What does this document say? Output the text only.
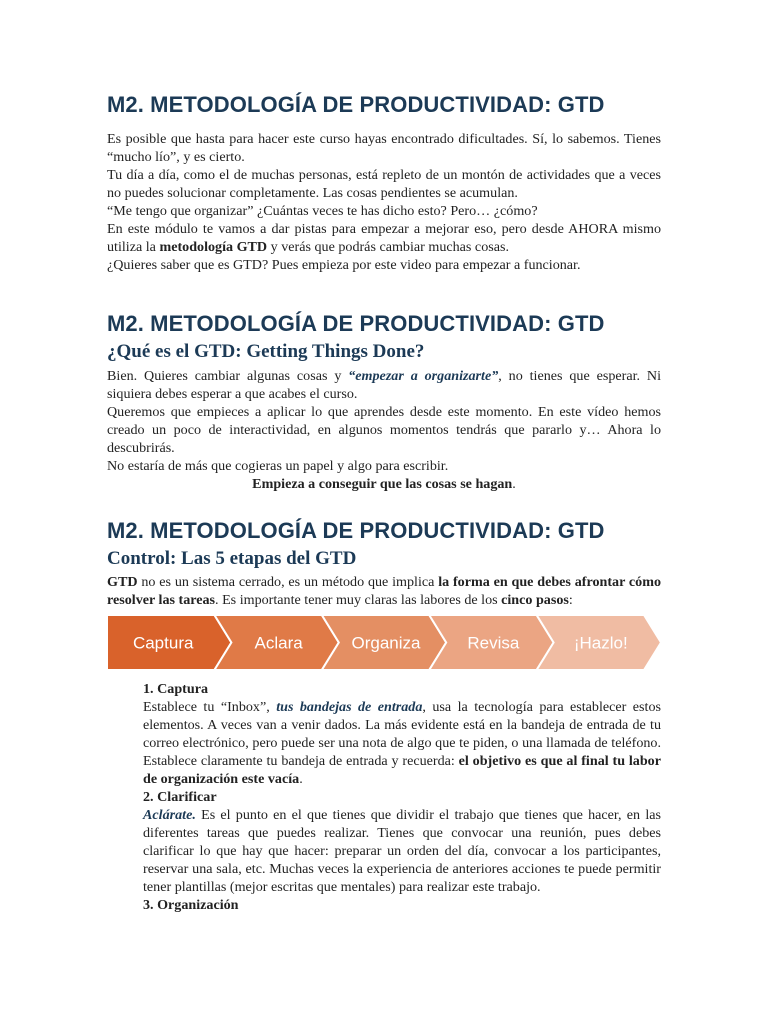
M2. METODOLOGÍA DE PRODUCTIVIDAD: GTD

Es posible que hasta para hacer este curso hayas encontrado dificultades. Sí, lo sabemos. Tienes “mucho lío”, y es cierto.

Tu día a día, como el de muchas personas, está repleto de un montón de actividades que a veces no puedes solucionar completamente. Las cosas pendientes se acumulan.

“Me tengo que organizar” ¿Cuántas veces te has dicho esto? Pero… ¿cómo?

En este módulo te vamos a dar pistas para empezar a mejorar eso, pero desde AHORA mismo utiliza la metodología GTD y verás que podrás cambiar muchas cosas.

¿Quieres saber que es GTD? Pues empieza por este video para empezar a funcionar.

M2. METODOLOGÍA DE PRODUCTIVIDAD: GTD
¿Qué es el GTD: Getting Things Done?

Bien. Quieres cambiar algunas cosas y “empezar a organizarte”, no tienes que esperar. Ni siquiera debes esperar a que acabes el curso.

Queremos que empieces a aplicar lo que aprendes desde este momento. En este vídeo hemos creado un poco de interactividad, en algunos momentos tendrás que pararlo y… Ahora lo descubrirás.

No estaría de más que cogieras un papel y algo para escribir.

Empieza a conseguir que las cosas se hagan.

M2. METODOLOGÍA DE PRODUCTIVIDAD: GTD
Control: Las 5 etapas del GTD

GTD no es un sistema cerrado, es un método que implica la forma en que debes afrontar cómo resolver las tareas. Es importante tener muy claras las labores de los cinco pasos:

Captura	Aclara	Organiza	Revisa	¡Hazlo!

1. Captura

Establece tu “Inbox”, tus bandejas de entrada, usa la tecnología para establecer estos elementos. A veces van a venir dados. La más evidente está en la bandeja de entrada de tu correo electrónico, pero puede ser una nota de algo que te piden, o una llamada de teléfono. Establece claramente tu bandeja de entrada y recuerda: el objetivo es que al final tu labor de organización este vacía.

2. Clarificar

Aclárate. Es el punto en el que tienes que dividir el trabajo que tienes que hacer, en las diferentes tareas que puedes realizar. Tienes que convocar una reunión, pues debes clarificar lo que hay que hacer: preparar un orden del día, convocar a los participantes, reservar una sala, etc. Muchas veces la experiencia de anteriores acciones te puede permitir tener plantillas (mejor escritas que mentales) para realizar este trabajo.

3. Organización
